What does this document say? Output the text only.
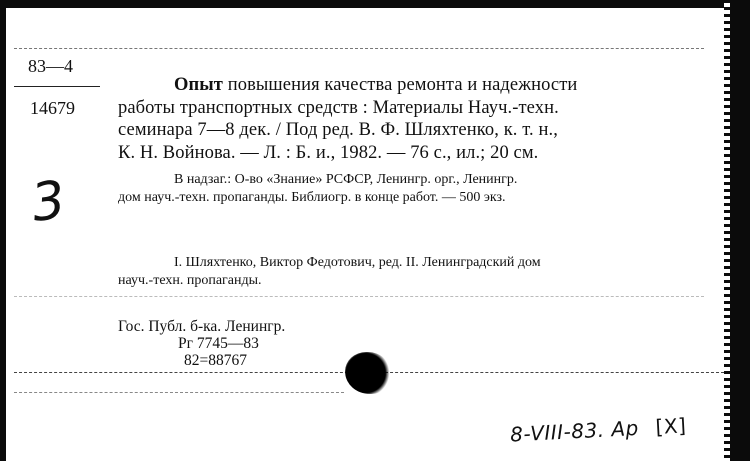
83—4
14679
3
Опыт повышения качества ремонта и надежности
работы транспортных средств : Материалы Науч.-техн.
семинара 7—8 дек. / Под ред. В. Ф. Шляхтенко, к. т. н.,
К. Н. Войнова. — Л. : Б. и., 1982. — 76 с., ил.; 20 см.
В надзаг.: О-во «Знание» РСФСР, Ленингр. орг., Ленингр.
дом науч.-техн. пропаганды. Библиогр. в конце работ. — 500 экз.
I. Шляхтенко, Виктор Федотович, ред. II. Ленинградский дом
науч.-техн. пропаганды.
Гос. Публ. б-ка. Ленингр.
Рг 7745—83
82=88767
8-VIII-83. Ар [Х]
